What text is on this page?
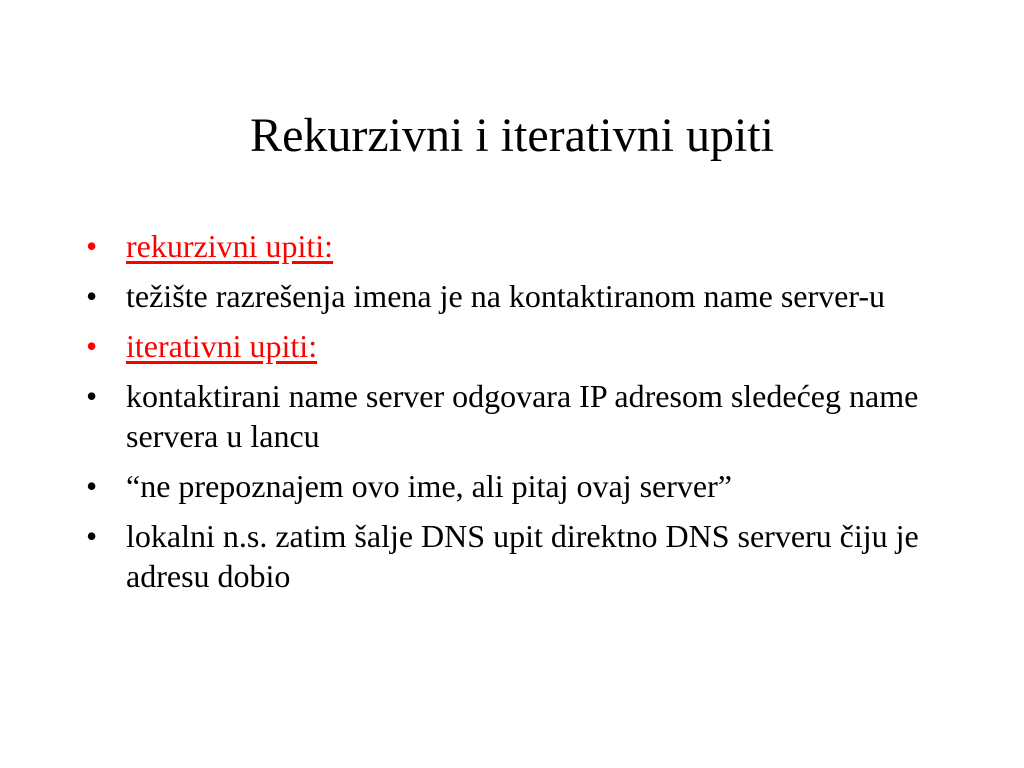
Rekurzivni i iterativni upiti
• rekurzivni upiti:
• težište razrešenja imena je na kontaktiranom name server-u
• iterativni upiti:
• kontaktirani name server odgovara IP adresom sledećeg name servera u lancu
• “ne prepoznajem ovo ime, ali pitaj ovaj server”
• lokalni n.s. zatim šalje DNS upit direktno DNS serveru čiju je adresu dobio
